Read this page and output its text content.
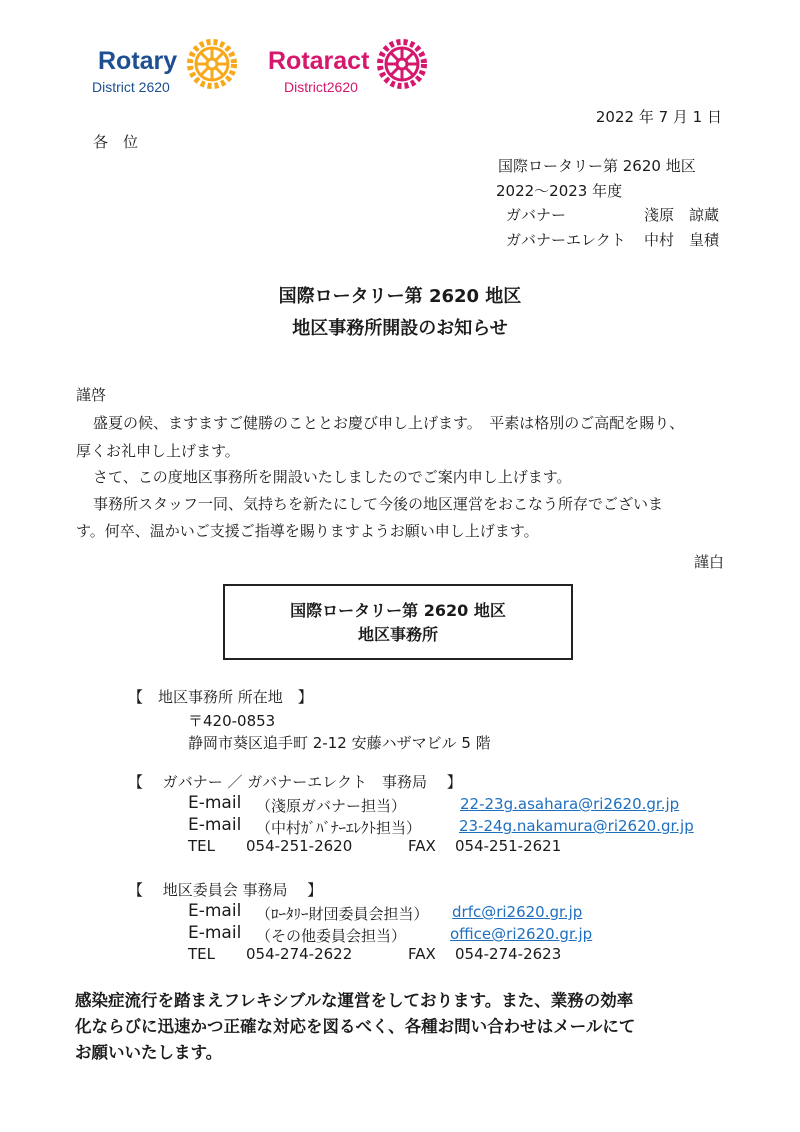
Rotary
District 2620
Rotaract
District2620
2022 年 7 月 1 日
各　位
国際ロータリー第 2620 地区
2022～2023 年度
ガバナー	淺原　諒蔵
ガバナーエレクト 中村　皇積
国際ロータリー第 2620 地区
地区事務所開設のお知らせ
謹啓
盛夏の候、ますますご健勝のこととお慶び申し上げます。　平素は格別のご高配を賜り、
厚くお礼申し上げます。
さて、この度地区事務所を開設いたしましたのでご案内申し上げます。
事務所スタッフ一同、気持ちを新たにして今後の地区運営をおこなう所存でございま
す。何卒、温かいご支援ご指導を賜りますようお願い申し上げます。
謹白
国際ロータリー第 2620 地区
地区事務所
【　地区事務所 所在地　】
〒420-0853
静岡市葵区追手町 2-12 安藤ハザマビル 5 階
【　 ガバナー ／ ガバナーエレクト　事務局　 】
E-mail （淺原ガバナー担当）	22-23g.asahara@ri2620.gr.jp
E-mail （中村ｶﾞﾊﾞﾅｰｴﾚｸﾄ担当）	23-24g.nakamura@ri2620.gr.jp
TEL 054-251-2620	FAX 054-251-2621
【　 地区委員会 事務局　 】
E-mail （ﾛｰﾀﾘｰ財団委員会担当） drfc@ri2620.gr.jp
E-mail （その他委員会担当）	office@ri2620.gr.jp
TEL 054-274-2622	FAX 054-274-2623
感染症流行を踏まえフレキシブルな運営をしております。また、業務の効率
化ならびに迅速かつ正確な対応を図るべく、各種お問い合わせはメールにて
お願いいたします。
